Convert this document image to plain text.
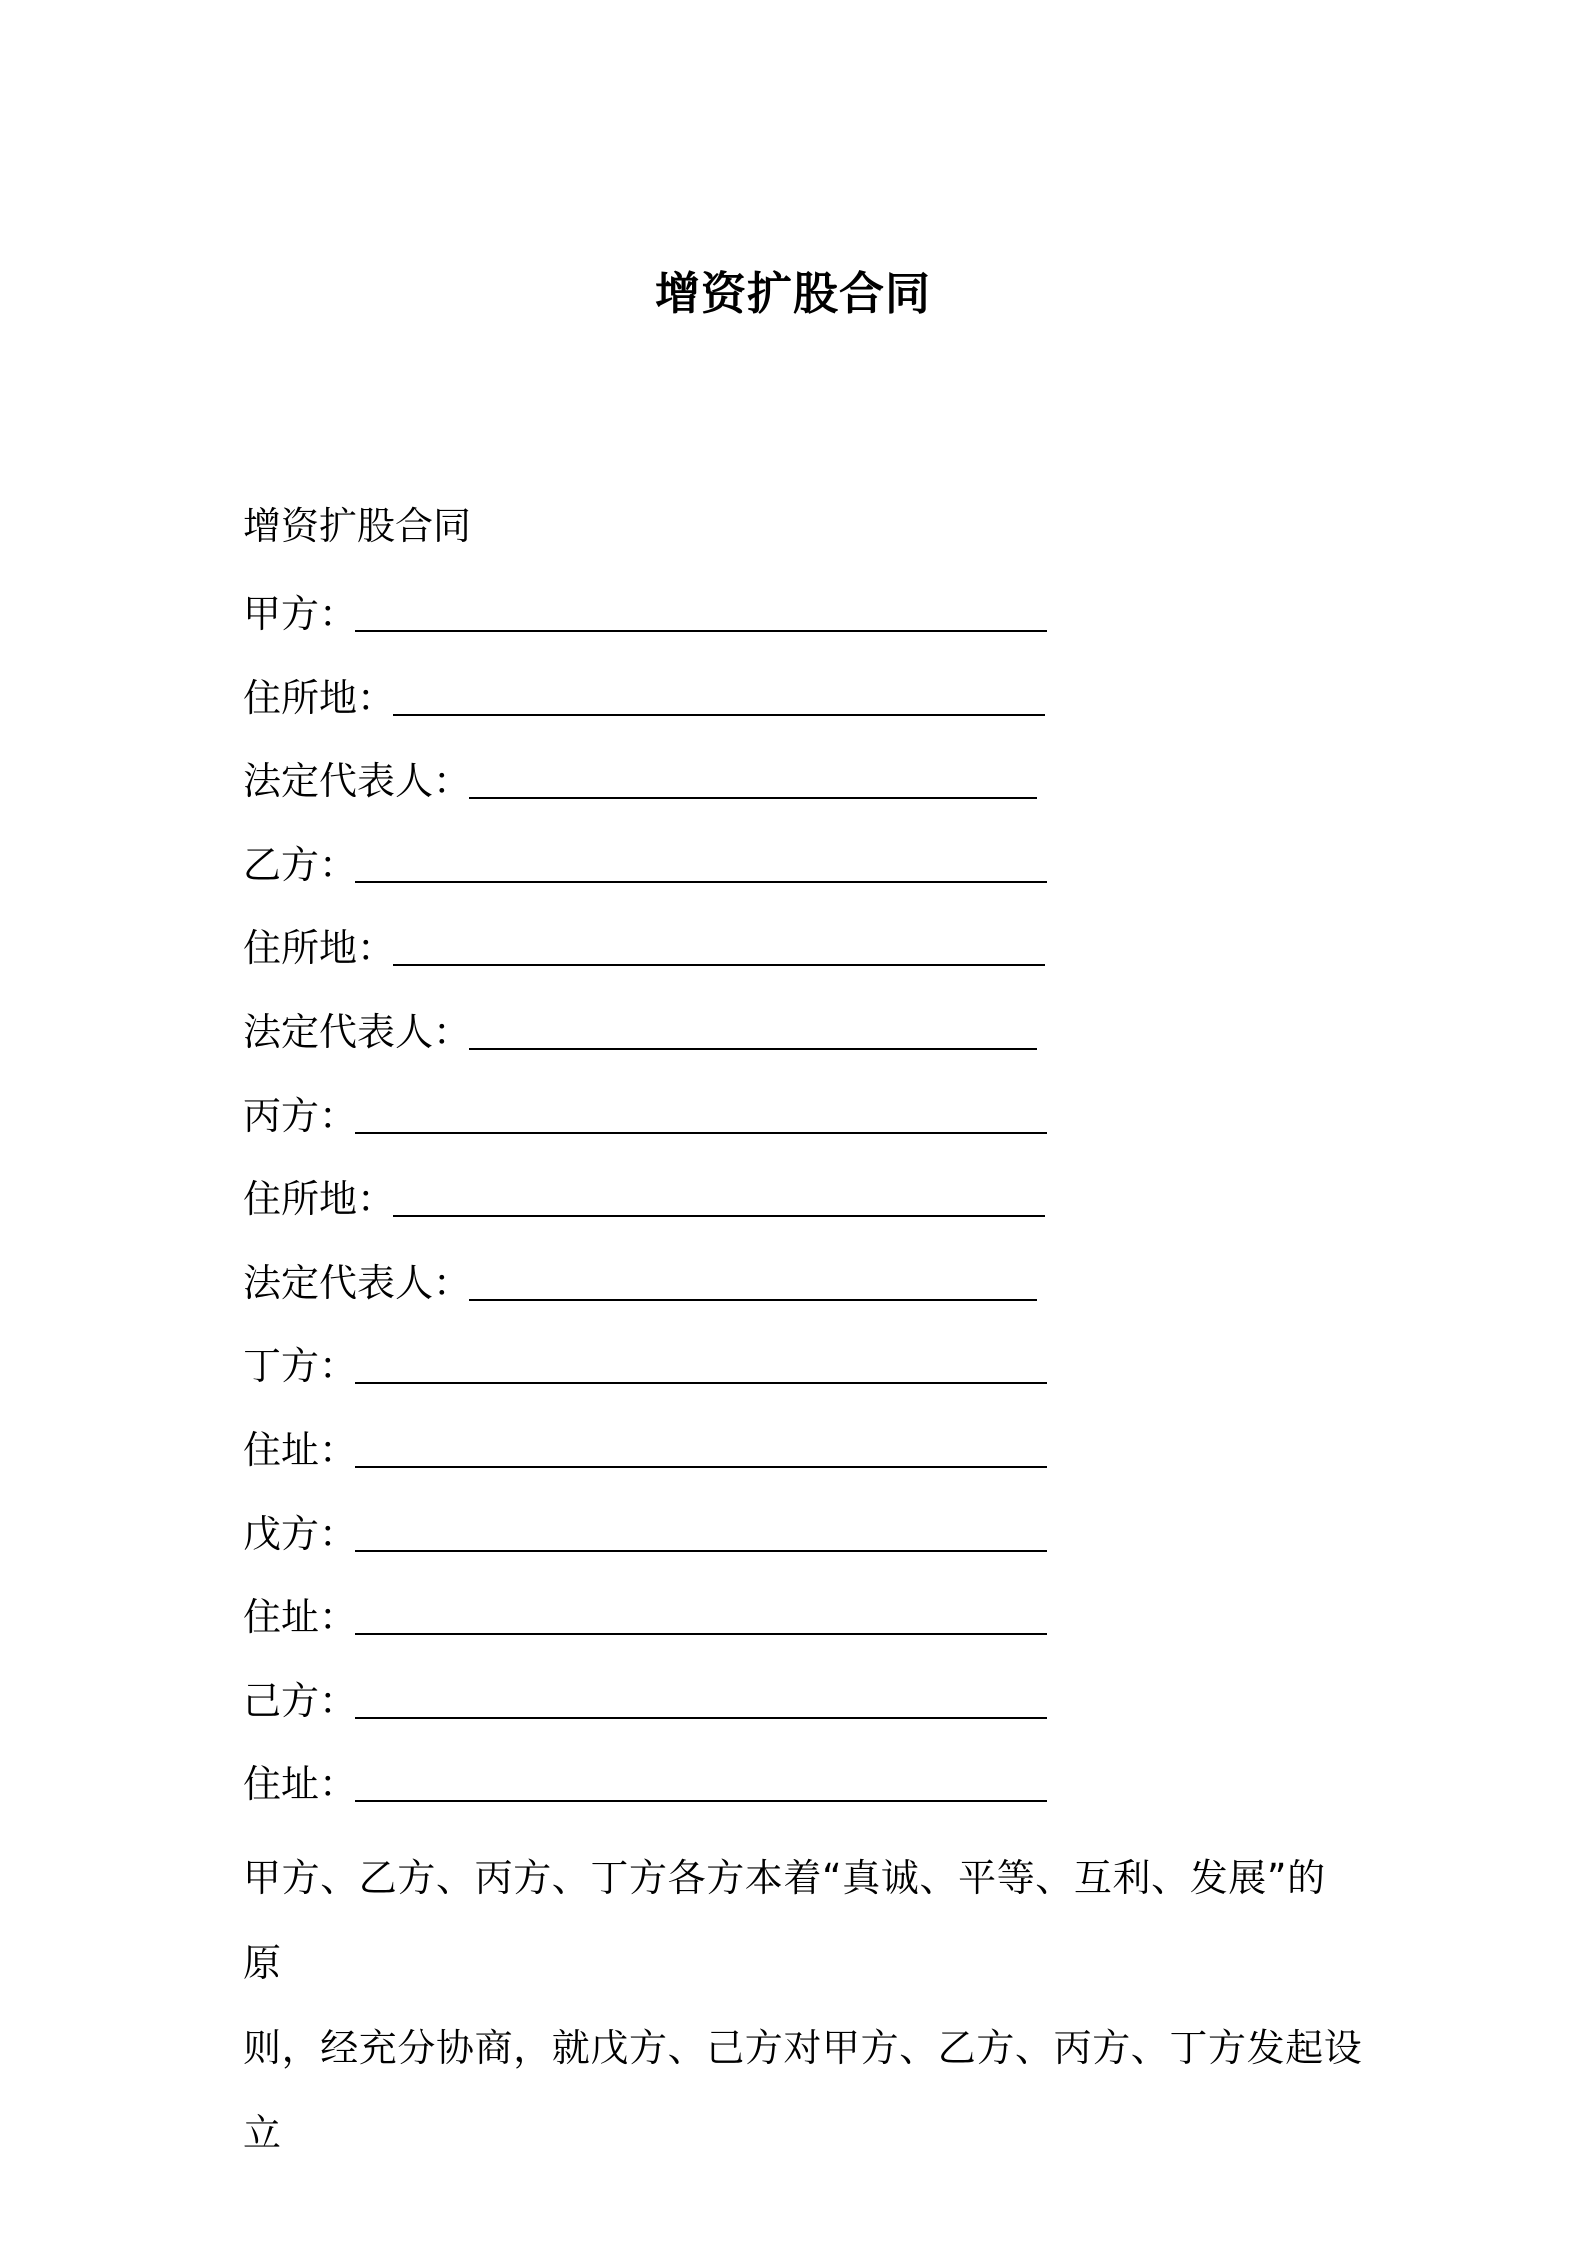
增资扩股合同
增资扩股合同
甲方 ：
住所地 ：
法定代表人 ：
乙方 ：
住所地 ：
法定代表人 ：
丙方 ：
住所地 ：
法定代表人 ：
丁方 ：
住址 ：
戊方 ：
住址 ：
己方 ：
住址 ：
甲方、乙方、丙方、丁方各方本着“真诚、平等、互利、发展”的原
则，经充分协商，就戊方、己方对甲方、乙方、丙方、丁方发起设立
